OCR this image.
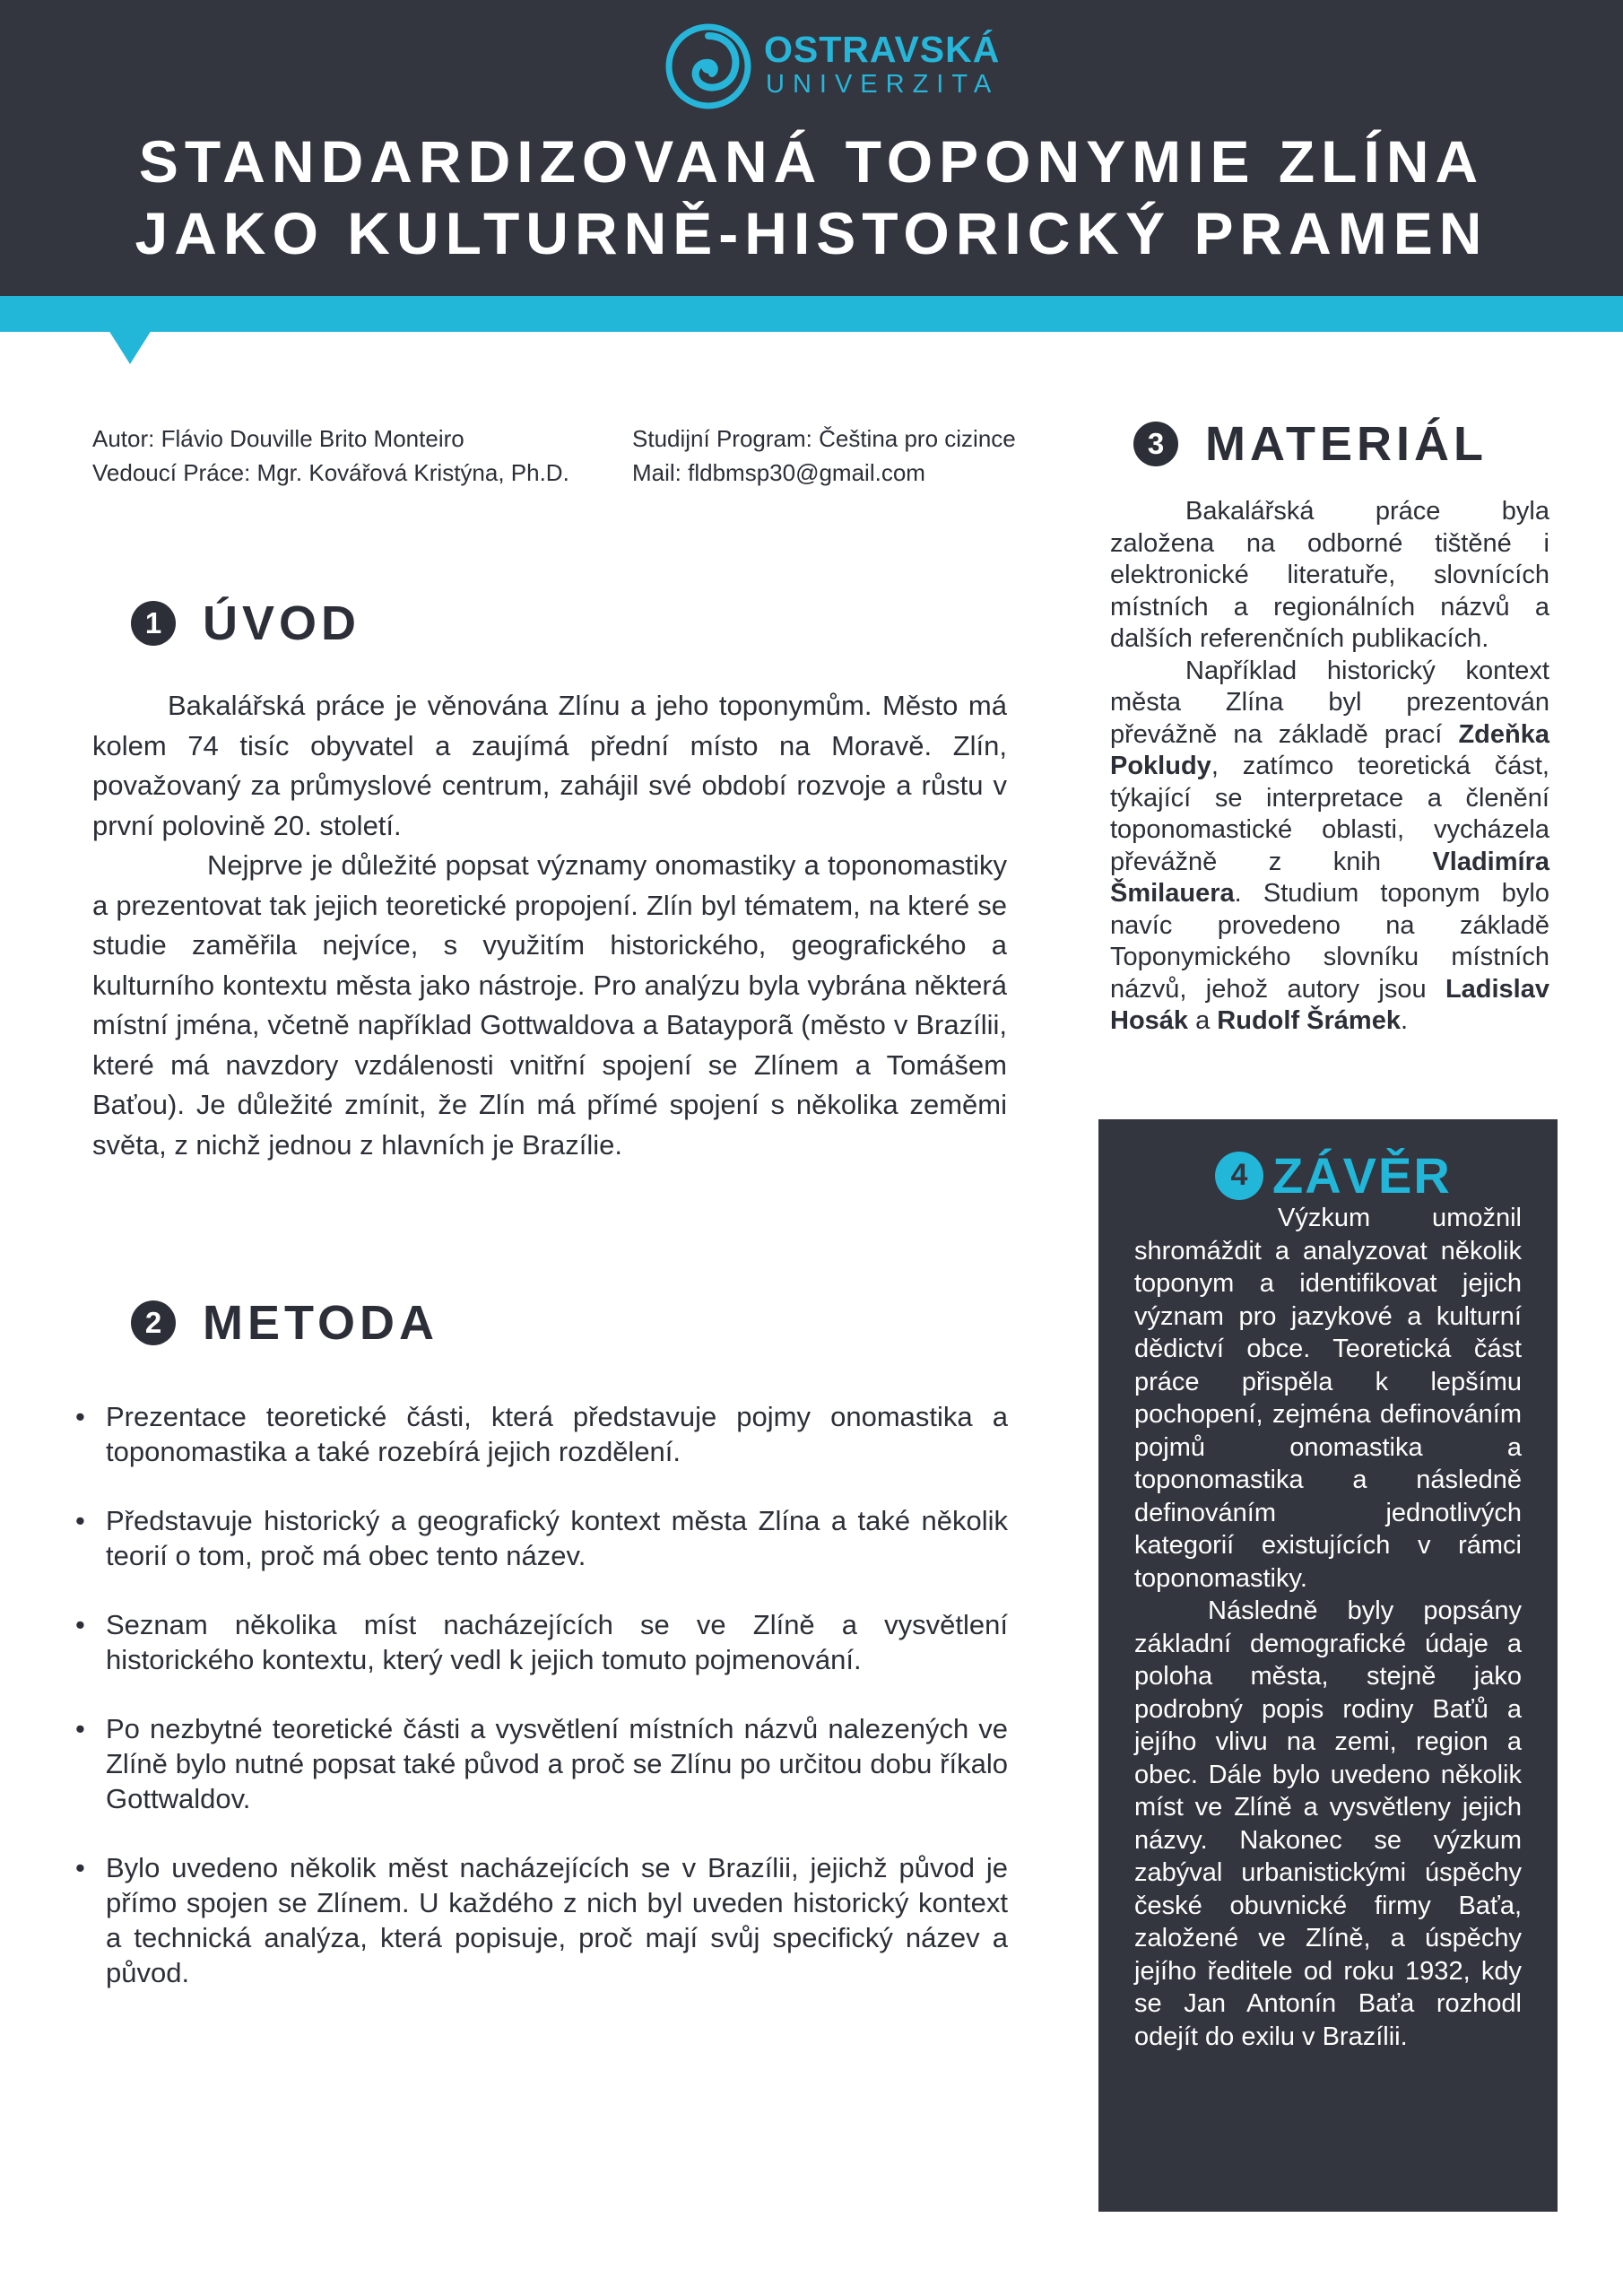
OSTRAVSKÁ
UNIVERZITA
STANDARDIZOVANÁ TOPONYMIE ZLÍNA
JAKO KULTURNĚ-HISTORICKÝ PRAMEN
Autor: Flávio Douville Brito Monteiro
Vedoucí Práce: Mgr. Kovářová Kristýna, Ph.D.
Studijní Program: Čeština pro cizince
Mail: fldbmsp30@gmail.com
1 ÚVOD

Bakalářská práce je věnována Zlínu a jeho toponymům. Město má kolem 74 tisíc obyvatel a zaujímá přední místo na Moravě. Zlín, považovaný za průmyslové centrum, zahájil své období rozvoje a růstu v první polovině 20. století.

Nejprve je důležité popsat významy onomastiky a toponomastiky a prezentovat tak jejich teoretické propojení. Zlín byl tématem, na které se studie zaměřila nejvíce, s využitím historického, geografického a kulturního kontextu města jako nástroje. Pro analýzu byla vybrána některá místní jména, včetně například Gottwaldova a Batayporã (město v Brazílii, které má navzdory vzdálenosti vnitřní spojení se Zlínem a Tomášem Baťou). Je důležité zmínit, že Zlín má přímé spojení s několika zeměmi světa, z nichž jednou z hlavních je Brazílie.

2 METODA
• Prezentace teoretické části, která představuje pojmy onomastika a toponomastika a také rozebírá jejich rozdělení.
• Představuje historický a geografický kontext města Zlína a také několik teorií o tom, proč má obec tento název.
• Seznam několika míst nacházejících se ve Zlíně a vysvětlení historického kontextu, který vedl k jejich tomuto pojmenování.
• Po nezbytné teoretické části a vysvětlení místních názvů nalezených ve Zlíně bylo nutné popsat také původ a proč se Zlínu po určitou dobu říkalo Gottwaldov.
• Bylo uvedeno několik měst nacházejících se v Brazílii, jejichž původ je přímo spojen se Zlínem. U každého z nich byl uveden historický kontext a technická analýza, která popisuje, proč mají svůj specifický název a původ.
3 MATERIÁL

Bakalářská práce byla založena na odborné tištěné i elektronické literatuře, slovnících místních a regionálních názvů a dalších referenčních publikacích.

Například historický kontext města Zlína byl prezentován převážně na základě prací Zdeňka Pokludy, zatímco teoretická část, týkající se interpretace a členění toponomastické oblasti, vycházela převážně z knih Vladimíra Šmilauera. Studium toponym bylo navíc provedeno na základě Toponymického slovníku místních názvů, jehož autory jsou Ladislav Hosák a Rudolf Šrámek.

4 ZÁVĚR

Výzkum umožnil shromáždit a analyzovat několik toponym a identifikovat jejich význam pro jazykové a kulturní dědictví obce. Teoretická část práce přispěla k lepšímu pochopení, zejména definováním pojmů onomastika a toponomastika a následně definováním jednotlivých kategorií existujících v rámci toponomastiky.

Následně byly popsány základní demografické údaje a poloha města, stejně jako podrobný popis rodiny Baťů a jejího vlivu na zemi, region a obec. Dále bylo uvedeno několik míst ve Zlíně a vysvětleny jejich názvy. Nakonec se výzkum zabýval urbanistickými úspěchy české obuvnické firmy Baťa, založené ve Zlíně, a úspěchy jejího ředitele od roku 1932, kdy se Jan Antonín Baťa rozhodl odejít do exilu v Brazílii.
